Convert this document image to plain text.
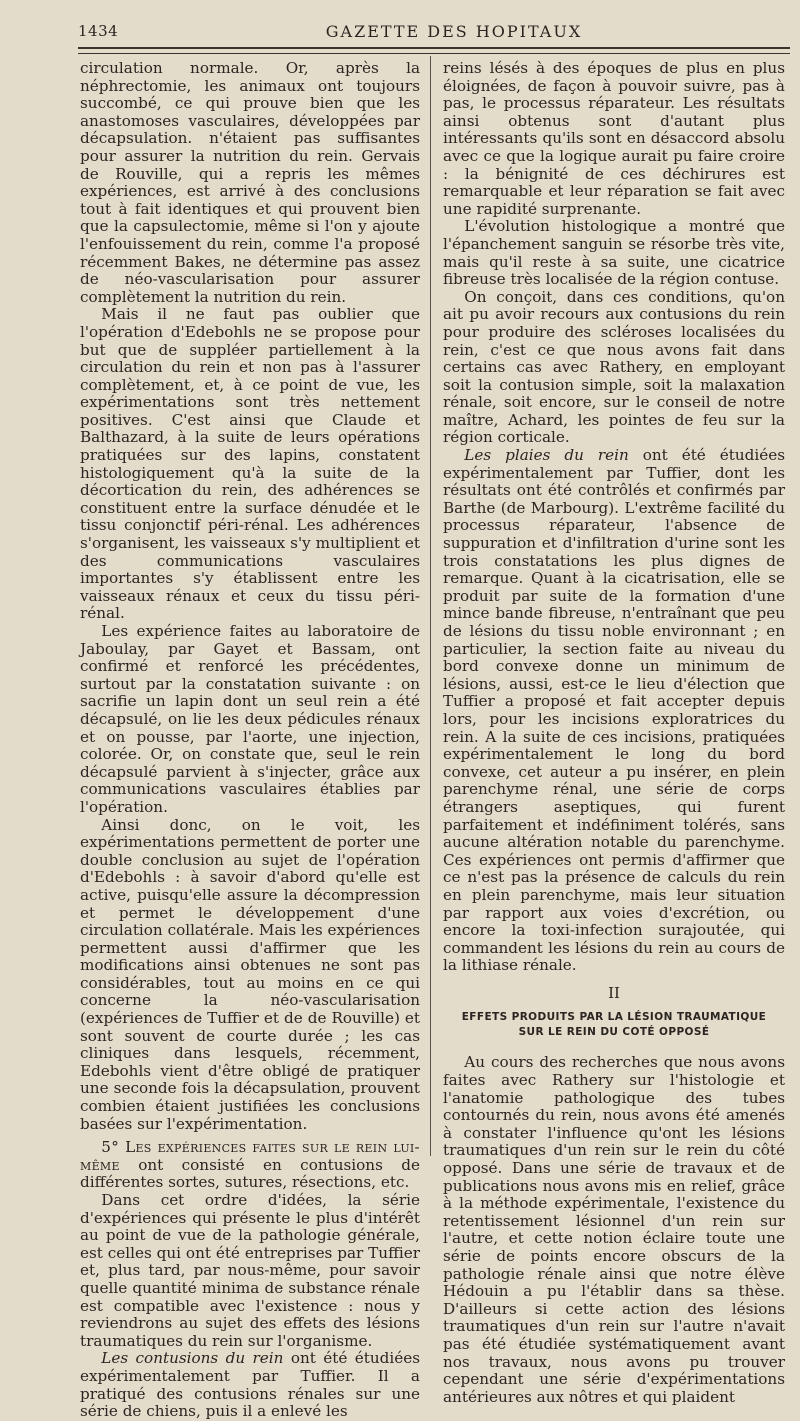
1434	GAZETTE DES HOPITAUX

circulation normale. Or, après la néphrectomie, les animaux ont toujours succombé, ce qui prouve bien que les anastomoses vasculaires, développées par décapsulation. n'étaient pas suffisantes pour assurer la nutrition du rein. Gervais de Rouville, qui a repris les mêmes expériences, est arrivé à des conclusions tout à fait identiques et qui prouvent bien que la capsulectomie, même si l'on y ajoute l'enfouissement du rein, comme l'a proposé récemment Bakes, ne détermine pas assez de néo-vascularisation pour assurer complètement la nutrition du rein.

Mais il ne faut pas oublier que l'opération d'Edebohls ne se propose pour but que de suppléer partiellement à la circulation du rein et non pas à l'assurer complètement, et, à ce point de vue, les expérimentations sont très nettement positives. C'est ainsi que Claude et Balthazard, à la suite de leurs opérations pratiquées sur des lapins, constatent histologiquement qu'à la suite de la décortication du rein, des adhérences se constituent entre la surface dénudée et le tissu conjonctif péri-rénal. Les adhérences s'organisent, les vaisseaux s'y multiplient et des communications vasculaires importantes s'y établissent entre les vaisseaux rénaux et ceux du tissu péri-rénal.

Les expérience faites au laboratoire de Jaboulay, par Gayet et Bassam, ont confirmé et renforcé les précédentes, surtout par la constatation suivante : on sacrifie un lapin dont un seul rein a été décapsulé, on lie les deux pédicules rénaux et on pousse, par l'aorte, une injection, colorée. Or, on constate que, seul le rein décapsulé parvient à s'injecter, grâce aux communications vasculaires établies par l'opération.

Ainsi donc, on le voit, les expérimentations permettent de porter une double conclusion au sujet de l'opération d'Edebohls : à savoir d'abord qu'elle est active, puisqu'elle assure la décompression et permet le développement d'une circulation collatérale. Mais les expériences permettent aussi d'affirmer que les modifications ainsi obtenues ne sont pas considérables, tout au moins en ce qui concerne la néo-vascularisation (expériences de Tuffier et de de Rouville) et sont souvent de courte durée ; les cas cliniques dans lesquels, récemment, Edebohls vient d'être obligé de pratiquer une seconde fois la décapsulation, prouvent combien étaient justifiées les conclusions basées sur l'expérimentation.

5° Les expériences faites sur le rein lui-même ont consisté en contusions de différentes sortes, sutures, résections, etc.

Dans cet ordre d'idées, la série d'expériences qui présente le plus d'intérêt au point de vue de la pathologie générale, est celles qui ont été entreprises par Tuffier et, plus tard, par nous-même, pour savoir quelle quantité minima de substance rénale est compatible avec l'existence : nous y reviendrons au sujet des effets des lésions traumatiques du rein sur l'organisme.

Les contusions du rein ont été étudiées expérimentalement par Tuffier. Il a pratiqué des contusions rénales sur une série de chiens, puis il a enlevé les

reins lésés à des époques de plus en plus éloignées, de façon à pouvoir suivre, pas à pas, le processus réparateur. Les résultats ainsi obtenus sont d'autant plus intéressants qu'ils sont en désaccord absolu avec ce que la logique aurait pu faire croire : la bénignité de ces déchirures est remarquable et leur réparation se fait avec une rapidité surprenante.

L'évolution histologique a montré que l'épanchement sanguin se résorbe très vite, mais qu'il reste à sa suite, une cicatrice fibreuse très localisée de la région contuse.

On conçoit, dans ces conditions, qu'on ait pu avoir recours aux contusions du rein pour produire des scléroses localisées du rein, c'est ce que nous avons fait dans certains cas avec Rathery, en employant soit la contusion simple, soit la malaxation rénale, soit encore, sur le conseil de notre maître, Achard, les pointes de feu sur la région corticale.

Les plaies du rein ont été étudiées expérimentalement par Tuffier, dont les résultats ont été contrôlés et confirmés par Barthe (de Marbourg). L'extrême facilité du processus réparateur, l'absence de suppuration et d'infiltration d'urine sont les trois constatations les plus dignes de remarque. Quant à la cicatrisation, elle se produit par suite de la formation d'une mince bande fibreuse, n'entraînant que peu de lésions du tissu noble environnant ; en particulier, la section faite au niveau du bord convexe donne un minimum de lésions, aussi, est-ce le lieu d'élection que Tuffier a proposé et fait accepter depuis lors, pour les incisions exploratrices du rein. A la suite de ces incisions, pratiquées expérimentalement le long du bord convexe, cet auteur a pu insérer, en plein parenchyme rénal, une série de corps étrangers aseptiques, qui furent parfaitement et indéfiniment tolérés, sans aucune altération notable du parenchyme. Ces expériences ont permis d'affirmer que ce n'est pas la présence de calculs du rein en plein parenchyme, mais leur situation par rapport aux voies d'excrétion, ou encore la toxi-infection surajoutée, qui commandent les lésions du rein au cours de la lithiase rénale.

II
EFFETS PRODUITS PAR LA LÉSION TRAUMATIQUE
SUR LE REIN DU COTÉ OPPOSÉ

Au cours des recherches que nous avons faites avec Rathery sur l'histologie et l'anatomie pathologique des tubes contournés du rein, nous avons été amenés à constater l'influence qu'ont les lésions traumatiques d'un rein sur le rein du côté opposé. Dans une série de travaux et de publications nous avons mis en relief, grâce à la méthode expérimentale, l'existence du retentissement lésionnel d'un rein sur l'autre, et cette notion éclaire toute une série de points encore obscurs de la pathologie rénale ainsi que notre élève Hédouin a pu l'établir dans sa thèse. D'ailleurs si cette action des lésions traumatiques d'un rein sur l'autre n'avait pas été étudiée systématiquement avant nos travaux, nous avons pu trouver cependant une série d'expérimentations antérieures aux nôtres et qui plaident
